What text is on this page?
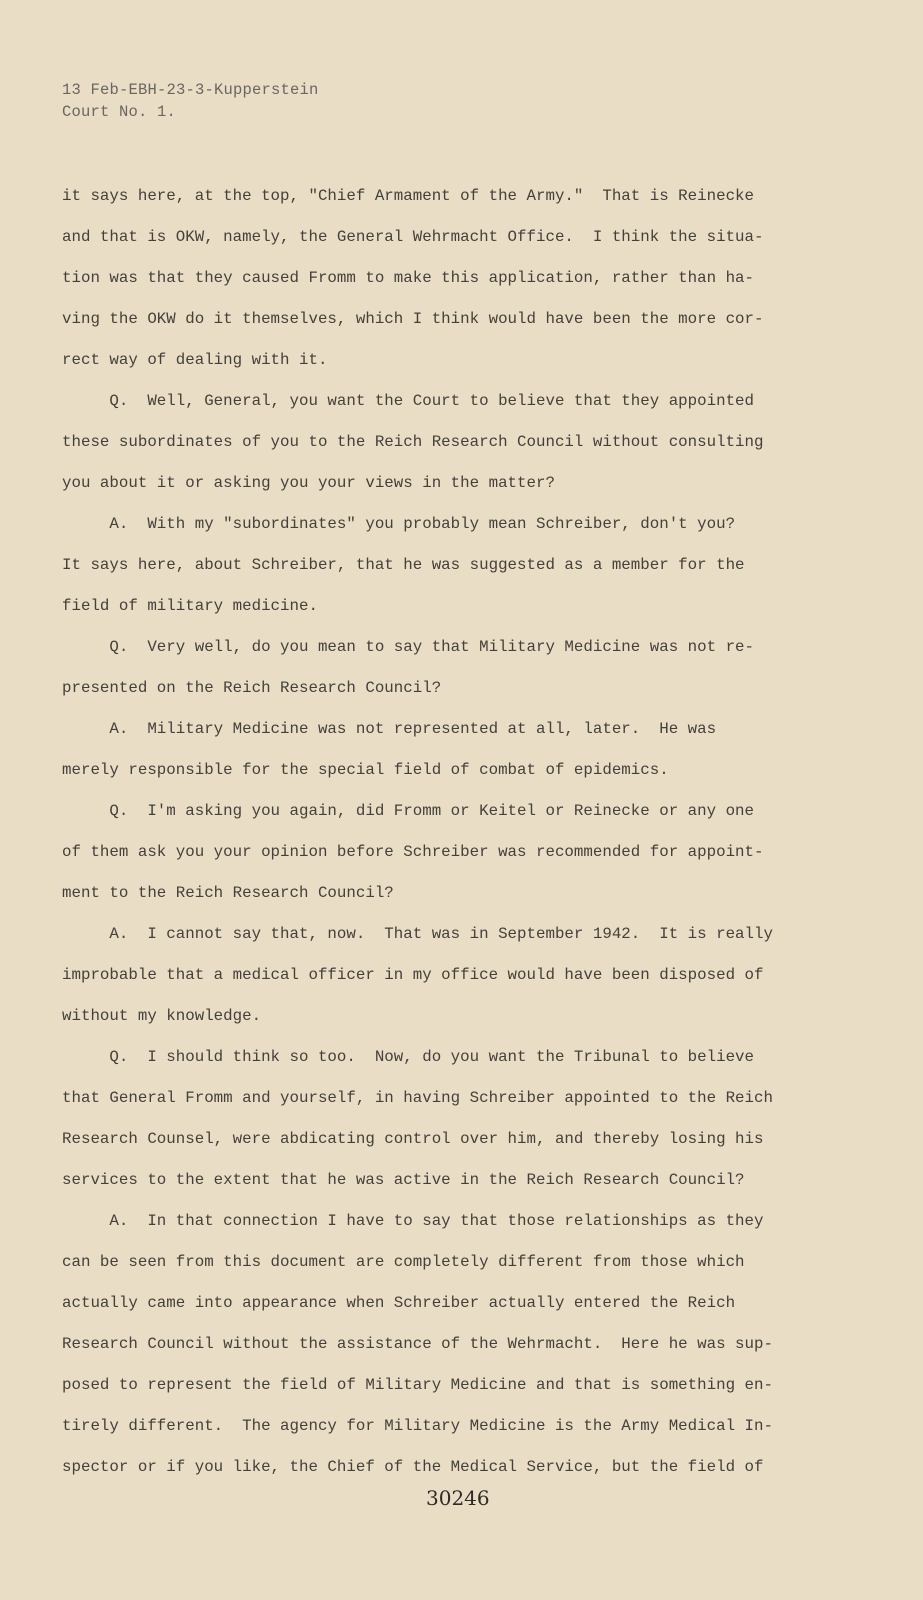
13 Feb-EBH-23-3-Kupperstein
Court No. 1.
it says here, at the top, "Chief Armament of the Army."  That is Reinecke
and that is OKW, namely, the General Wehrmacht Office.  I think the situa-
tion was that they caused Fromm to make this application, rather than ha-
ving the OKW do it themselves, which I think would have been the more cor-
rect way of dealing with it.
Q.  Well, General, you want the Court to believe that they appointed
these subordinates of you to the Reich Research Council without consulting
you about it or asking you your views in the matter?
A.  With my "subordinates" you probably mean Schreiber, don't you?
It says here, about Schreiber, that he was suggested as a member for the
field of military medicine.
Q.  Very well, do you mean to say that Military Medicine was not re-
presented on the Reich Research Council?
A.  Military Medicine was not represented at all, later.  He was
merely responsible for the special field of combat of epidemics.
Q.  I'm asking you again, did Fromm or Keitel or Reinecke or any one
of them ask you your opinion before Schreiber was recommended for appoint-
ment to the Reich Research Council?
A.  I cannot say that, now.  That was in September 1942.  It is really
improbable that a medical officer in my office would have been disposed of
without my knowledge.
Q.  I should think so too.  Now, do you want the Tribunal to believe
that General Fromm and yourself, in having Schreiber appointed to the Reich
Research Counsel, were abdicating control over him, and thereby losing his
services to the extent that he was active in the Reich Research Council?
A.  In that connection I have to say that those relationships as they
can be seen from this document are completely different from those which
actually came into appearance when Schreiber actually entered the Reich
Research Council without the assistance of the Wehrmacht.  Here he was sup-
posed to represent the field of Military Medicine and that is something en-
tirely different.  The agency for Military Medicine is the Army Medical In-
spector or if you like, the Chief of the Medical Service, but the field of
30246
